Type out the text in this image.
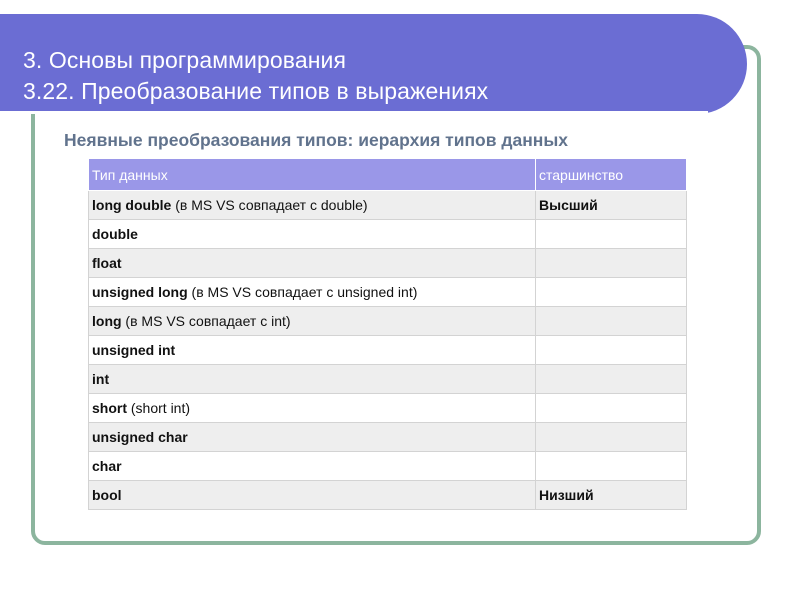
3. Основы программирования
3.22. Преобразование типов в выражениях
Неявные преобразования типов: иерархия типов данных
Тип данных	старшинство
long double (в MS VS совпадает с double)	Высший
double	
float	
unsigned long (в MS VS совпадает с unsigned int)	
long (в MS VS совпадает с int)	
unsigned int	
int	
short (short int)	
unsigned char	
char	
bool	Низший
